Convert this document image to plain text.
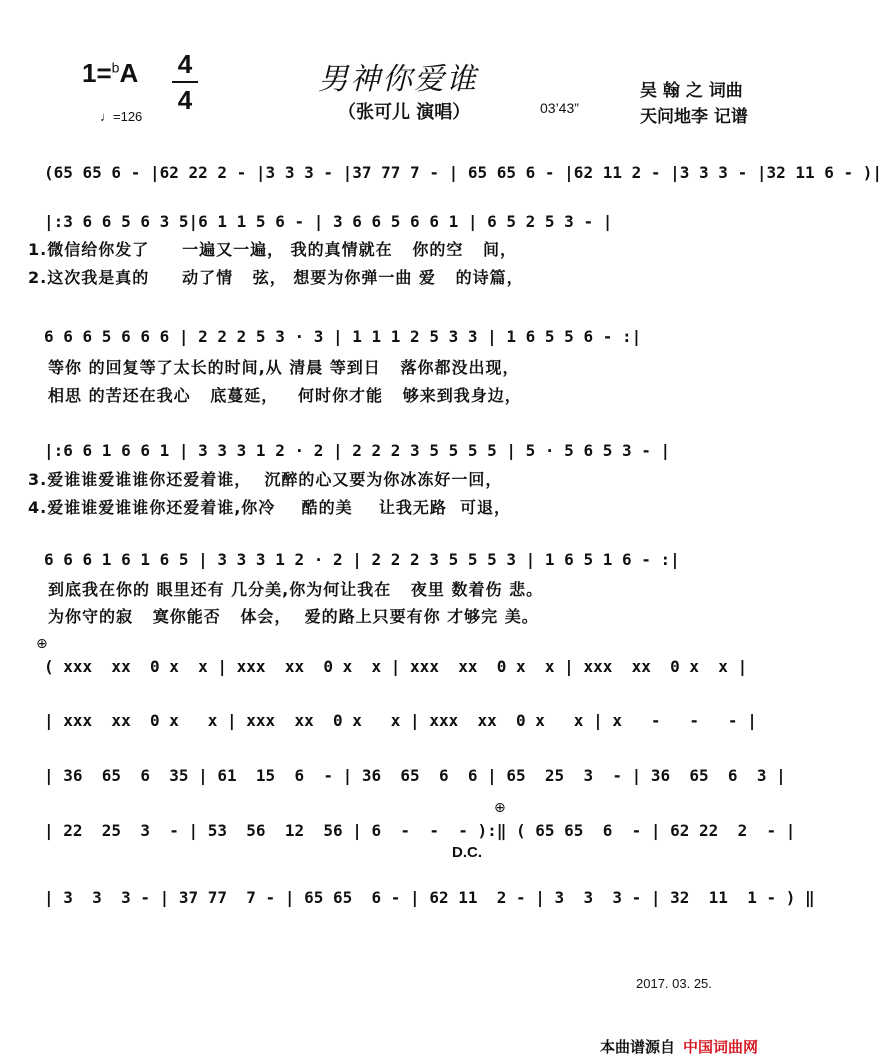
1=$^b$A 4
4
♩=126
男神你爱谁
（张可儿 演唱）	03’43”
吴 翰 之 词曲
天问地李 记谱
(65 65 6 - |62 22 2 - |3 3 3 - |37 77 7 - | 65 65 6 - |62 11 2 - |3 3 3 - |32 11 6 - )|
|:3 6 6 5 6 3 5|6 1 1 5 6 - | 3 6 6 5 6 6 1 | 6 5 2 5 3 - |
1.微信给你发了     一遍又一遍， 我的真情就在   你的空   间，
2.这次我是真的     动了情   弦， 想要为你弹一曲 爱   的诗篇，
6 6 6 5 6 6 6 | 2 2 2 5 3 · 3 | 1 1 1 2 5 3 3 | 1 6 5 5 6 - :|
等你 的回复等了太长的时间,从 清晨 等到日   落你都没出现，
相思 的苦还在我心   底蔓延，   何时你才能   够来到我身边，
|:6 6 1 6 6 1 | 3 3 3 1 2 · 2 | 2 2 2 3 5 5 5 5 | 5 · 5 6 5 3 - |
3.爱谁谁爱谁谁你还爱着谁，  沉醉的心又要为你冰冻好一回，
4.爱谁谁爱谁谁你还爱着谁,你冷    酷的美    让我无路  可退，
6 6 6 1 6 1 6 5 | 3 3 3 1 2 · 2 | 2 2 2 3 5 5 5 3 | 1 6 5 1 6 - :|
到底我在你的 眼里还有 几分美,你为何让我在   夜里 数着伤 悲。
为你守的寂   寞你能否   体会，  爱的路上只要有你 才够完 美。
⊕
( xxx  xx  0 x  x | xxx  xx  0 x  x | xxx  xx  0 x  x | xxx  xx  0 x  x |
| xxx  xx  0 x   x | xxx  xx  0 x   x | xxx  xx  0 x   x | x   -   -   - |
| 36  65  6  35 | 61  15  6  - | 36  65  6  6 | 65  25  3  - | 36  65  6  3 |
⊕
| 22  25  3  - | 53  56  12  56 | 6  -  -  - ):‖ ( 65 65  6  - | 62 22  2  - |
D.C.
| 3  3  3 - | 37 77  7 - | 65 65  6 - | 62 11  2 - | 3  3  3 - | 32  11  1 - ) ‖
2017. 03. 25.
本曲谱源自 中国词曲网
